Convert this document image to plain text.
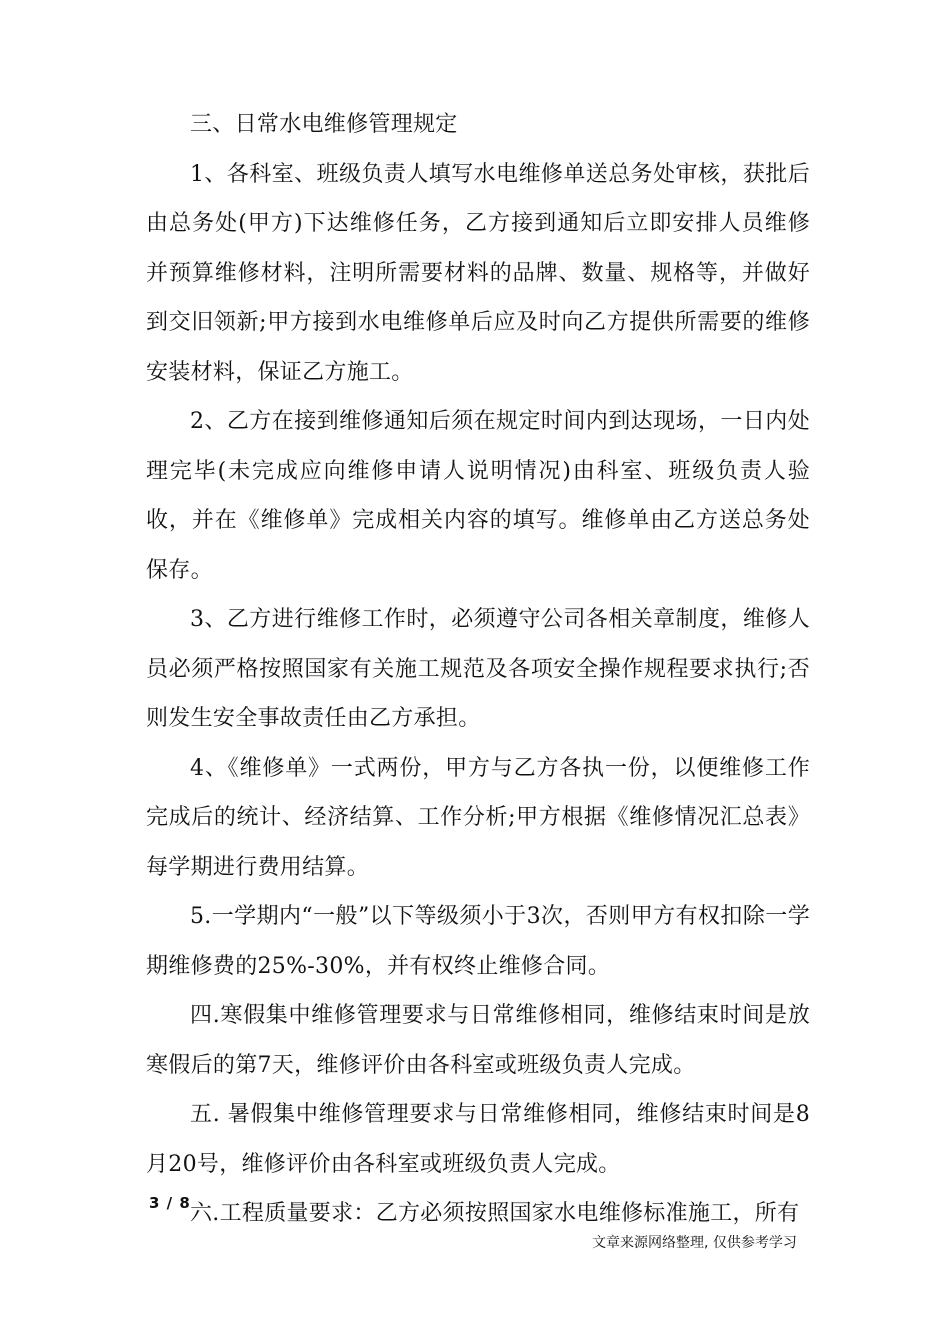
三、日常水电维修管理规定

1、各科室、班级负责人填写水电维修单送总务处审核，获批后由总务处(甲方)下达维修任务，乙方接到通知后立即安排人员维修并预算维修材料，注明所需要材料的品牌、数量、规格等，并做好到交旧领新;甲方接到水电维修单后应及时向乙方提供所需要的维修安装材料，保证乙方施工。

2、乙方在接到维修通知后须在规定时间内到达现场，一日内处理完毕(未完成应向维修申请人说明情况)由科室、班级负责人验收，并在《维修单》完成相关内容的填写。维修单由乙方送总务处保存。

3、乙方进行维修工作时，必须遵守公司各相关章制度，维修人员必须严格按照国家有关施工规范及各项安全操作规程要求执行;否则发生安全事故责任由乙方承担。

4、《维修单》一式两份，甲方与乙方各执一份，以便维修工作完成后的统计、经济结算、工作分析;甲方根据《维修情况汇总表》每学期进行费用结算。

5.一学期内“一般”以下等级须小于3次，否则甲方有权扣除一学期维修费的25%-30%，并有权终止维修合同。

四.寒假集中维修管理要求与日常维修相同，维修结束时间是放寒假后的第7天，维修评价由各科室或班级负责人完成。

五. 暑假集中维修管理要求与日常维修相同，维修结束时间是8月20号，维修评价由各科室或班级负责人完成。

六.工程质量要求：乙方必须按照国家水电维修标准施工，所有

3 / 8
文章来源网络整理, 仅供参考学习
